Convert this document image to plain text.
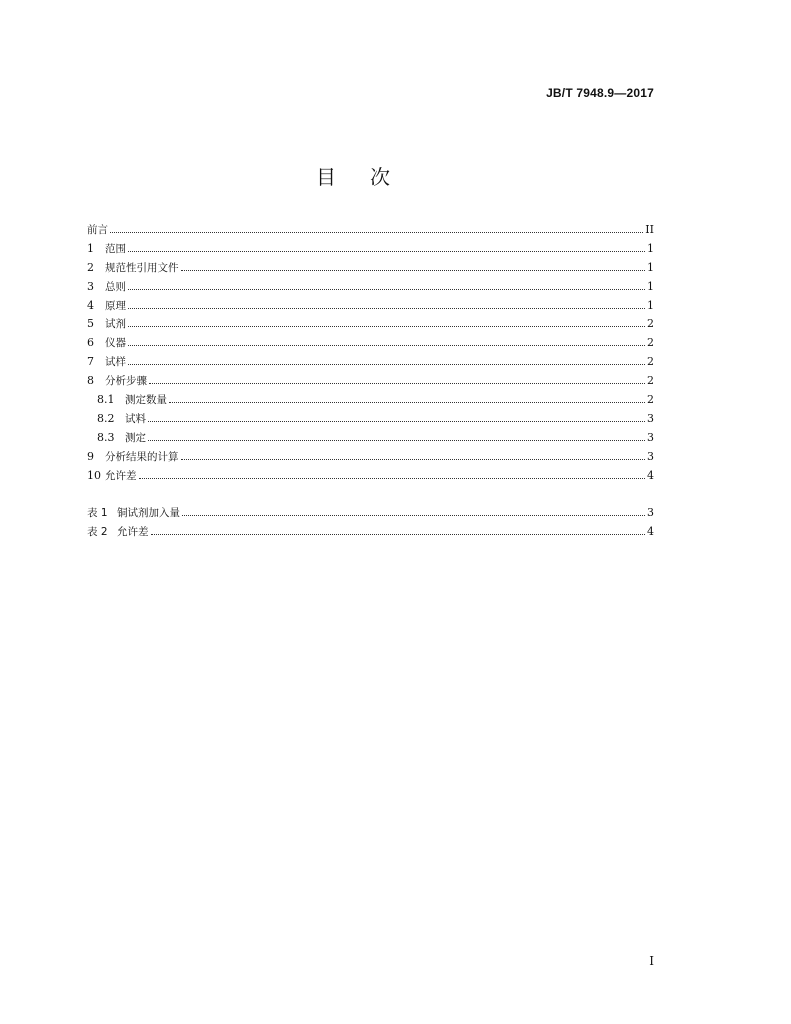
JB/T 7948.9—2017
目次
前言	II
1	范围	1
2	规范性引用文件	1
3	总则	1
4	原理	1
5	试剂	2
6	仪器	2
7	试样	2
8	分析步骤	2
8.1	测定数量	2
8.2	试料	3
8.3	测定	3
9	分析结果的计算	3
10 允许差	4
表 1 铜试剂加入量	3
表 2 允许差	4
I
